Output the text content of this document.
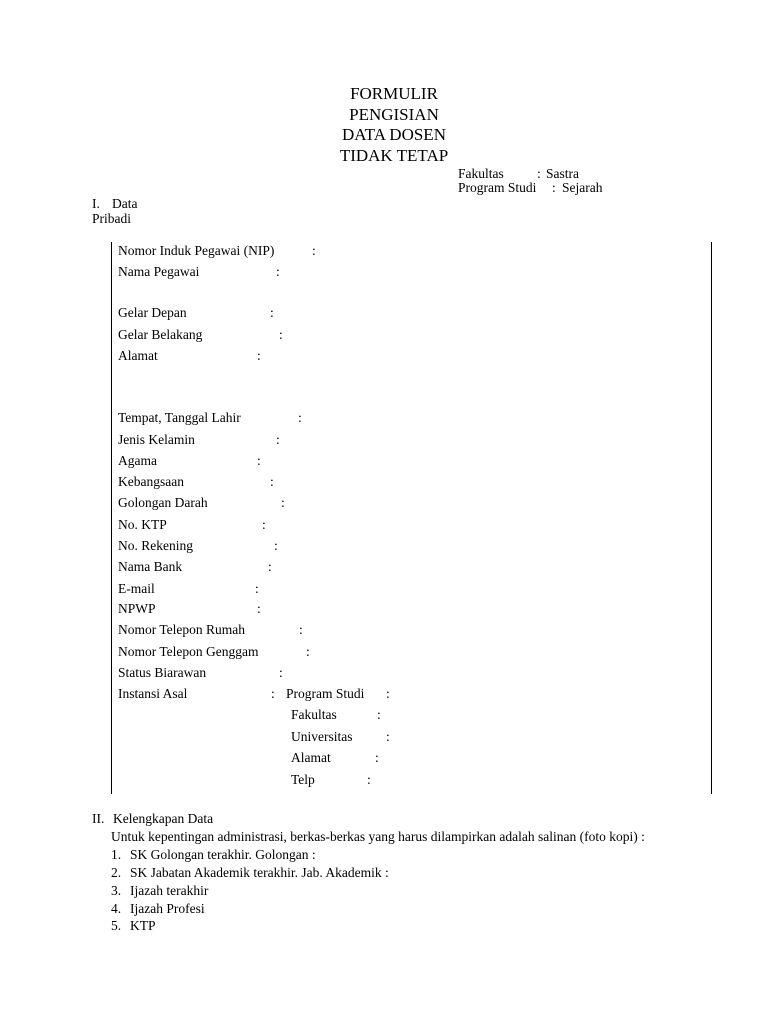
FORMULIR
PENGISIAN
DATA DOSEN
TIDAK TETAP
Fakultas : Sastra
Program Studi : Sejarah
I. Data
Pribadi
Nomor Induk Pegawai (NIP)	:
Nama Pegawai	:
Gelar Depan	:
Gelar Belakang	:
Alamat	:
Tempat, Tanggal Lahir	:
Jenis Kelamin	:
Agama	:
Kebangsaan	:
Golongan Darah	:
No. KTP	:
No. Rekening	:
Nama Bank	:
E-mail	:
NPWP	:
Nomor Telepon Rumah	:
Nomor Telepon Genggam	:
Status Biarawan	:
Instansi Asal	: Program Studi :
Fakultas	:
Universitas :
Alamat	:
Telp	:
II. Kelengkapan Data
Untuk kepentingan administrasi, berkas-berkas yang harus dilampirkan adalah salinan (foto kopi) :
1. SK Golongan terakhir. Golongan :
2. SK Jabatan Akademik terakhir. Jab. Akademik :
3. Ijazah terakhir
4. Ijazah Profesi
5. KTP
